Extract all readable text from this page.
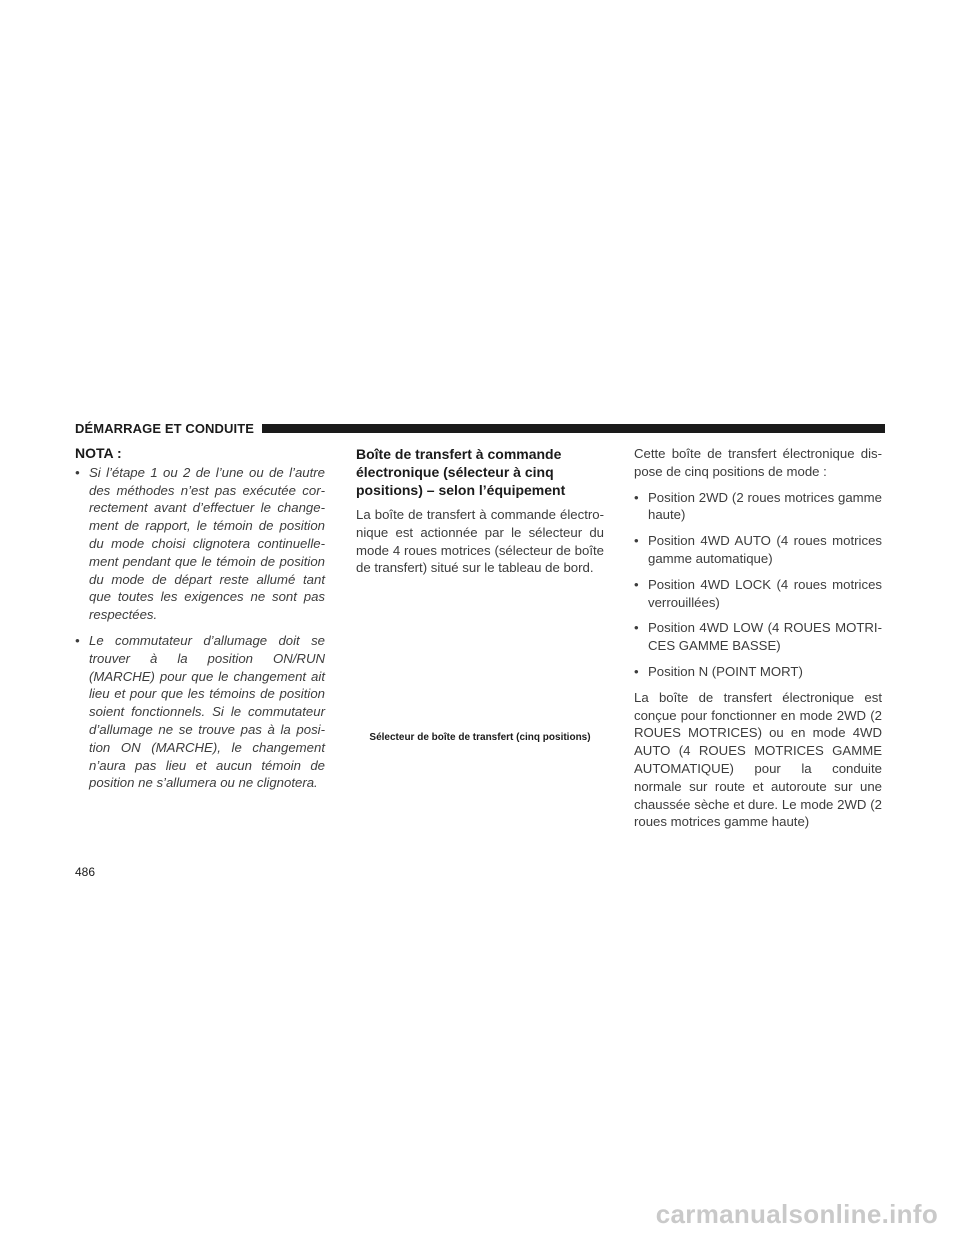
DÉMARRAGE ET CONDUITE
NOTA :
• Si l’étape 1 ou 2 de l’une ou de l’autre des méthodes n’est pas exécutée correctement avant d’effectuer le changement de rapport, le témoin de position du mode choisi clignotera continuellement pendant que le témoin de position du mode de départ reste allumé tant que toutes les exigences ne sont pas respectées.
• Le commutateur d’allumage doit se trouver à la position ON/RUN (MARCHE) pour que le changement ait lieu et pour que les témoins de position soient fonctionnels. Si le commutateur d’allumage ne se trouve pas à la position ON (MARCHE), le changement n’aura pas lieu et aucun témoin de position ne s’allumera ou ne clignotera.
Boîte de transfert à commande électronique (sélecteur à cinq positions) – selon l’équipement

La boîte de transfert à commande électronique est actionnée par le sélecteur du mode 4 roues motrices (sélecteur de boîte de transfert) situé sur le tableau de bord.

Sélecteur de boîte de transfert (cinq positions)

Cette boîte de transfert électronique dispose de cinq positions de mode :

• Position 2WD (2 roues motrices gamme haute)
• Position 4WD AUTO (4 roues motrices gamme automatique)
• Position 4WD LOCK (4 roues motrices verrouillées)
• Position 4WD LOW (4 ROUES MOTRICES GAMME BASSE)
• Position N (POINT MORT)

La boîte de transfert électronique est conçue pour fonctionner en mode 2WD (2 ROUES MOTRICES) ou en mode 4WD AUTO (4 ROUES MOTRICES GAMME AUTOMATIQUE) pour la conduite normale sur route et autoroute sur une chaussée sèche et dure. Le mode 2WD (2 roues motrices gamme haute)

486
carmanualsonline.info
